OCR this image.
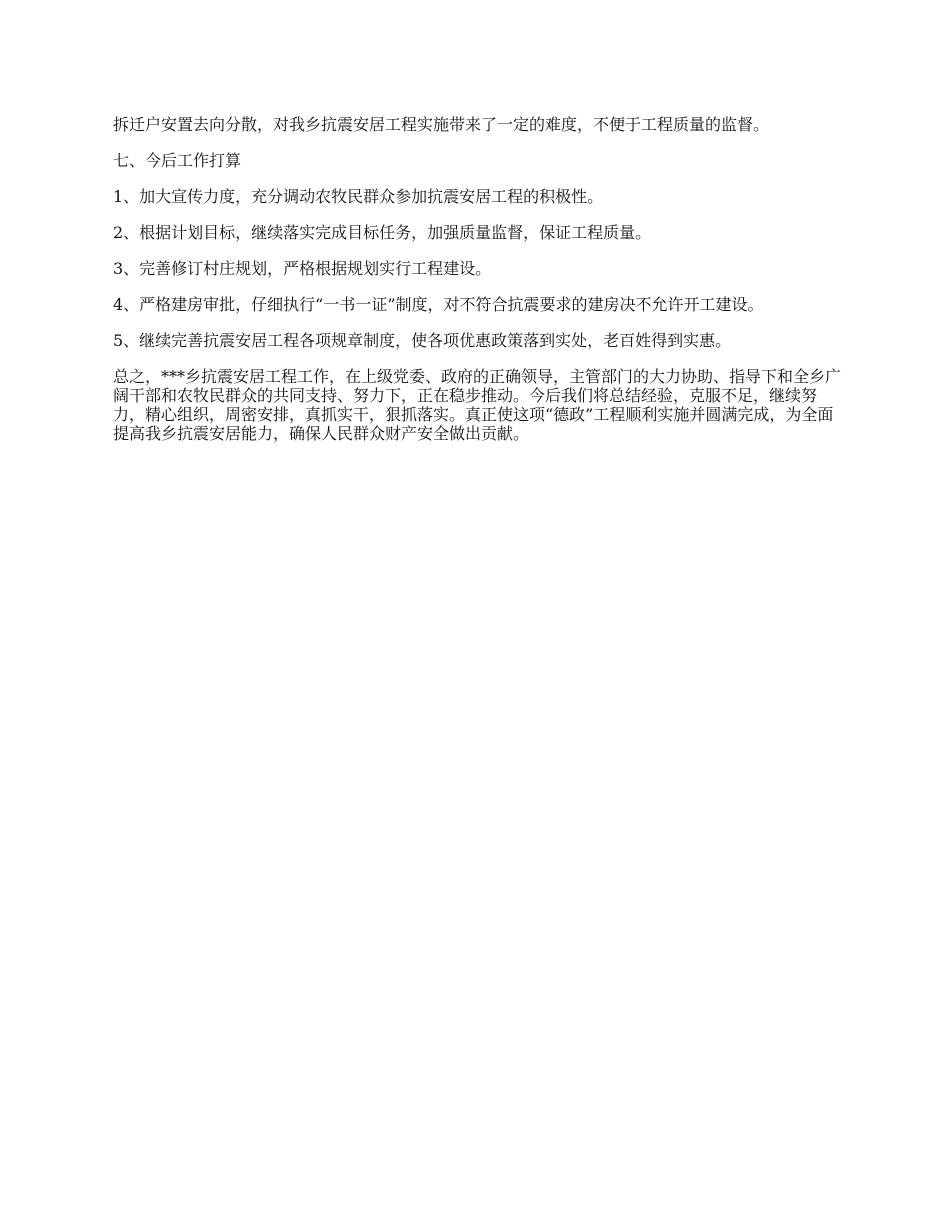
拆迁户安置去向分散，对我乡抗震安居工程实施带来了一定的难度，不便于工程质量的监督。

七、今后工作打算

1、加大宣传力度，充分调动农牧民群众参加抗震安居工程的积极性。

2、根据计划目标，继续落实完成目标任务，加强质量监督，保证工程质量。

3、完善修订村庄规划，严格根据规划实行工程建设。

4、严格建房审批，仔细执行“一书一证”制度，对不符合抗震要求的建房决不允许开工建设。

5、继续完善抗震安居工程各项规章制度，使各项优惠政策落到实处，老百姓得到实惠。

总之，***乡抗震安居工程工作，在上级党委、政府的正确领导，主管部门的大力协助、指导下和全乡广阔干部和农牧民群众的共同支持、努力下，正在稳步推动。今后我们将总结经验，克服不足，继续努力，精心组织，周密安排，真抓实干，狠抓落实。真正使这项“德政”工程顺利实施并圆满完成，为全面提高我乡抗震安居能力，确保人民群众财产安全做出贡献。
